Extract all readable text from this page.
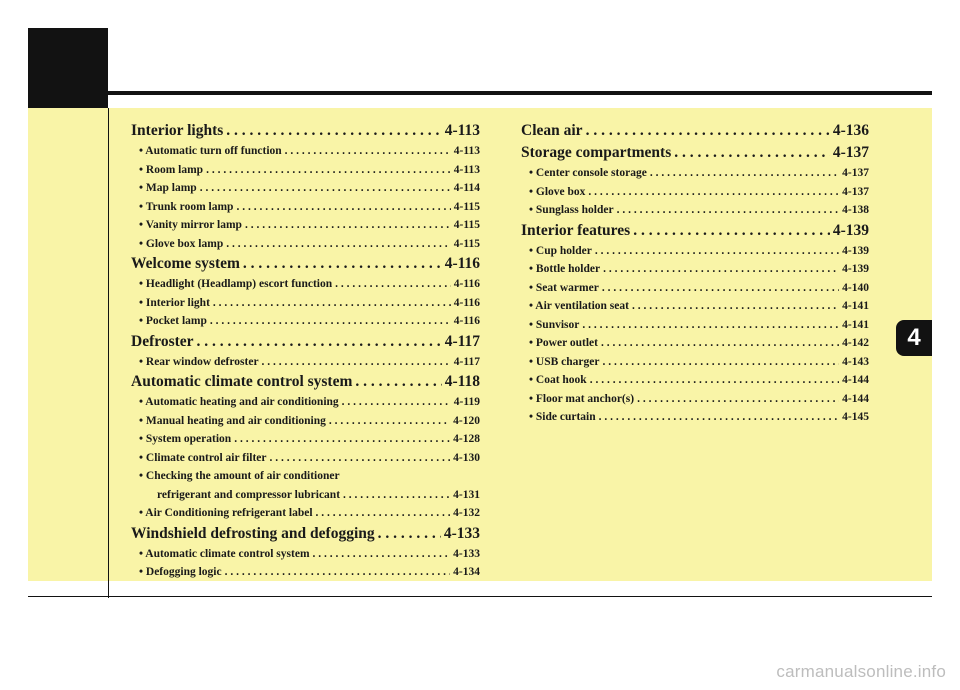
4
Interior lights . . .	4-113
• Automatic turn off function . . .	4-113
• Room lamp . . .	4-113
• Map lamp . . .	4-114
• Trunk room lamp . . .	4-115
• Vanity mirror lamp . . .	4-115
• Glove box lamp . . .	4-115
Welcome system . . .	4-116
• Headlight (Headlamp) escort function . . .	4-116
• Interior light . . .	4-116
• Pocket lamp . . .	4-116
Defroster . . .	4-117
• Rear window defroster . . .	4-117
Automatic climate control system . . .	4-118
• Automatic heating and air conditioning . . .	4-119
• Manual heating and air conditioning . . .	4-120
• System operation . . .	4-128
• Climate control air filter . . .	4-130
• Checking the amount of air conditioner
refrigerant and compressor lubricant . . .	4-131
• Air Conditioning refrigerant label . . .	4-132
Windshield defrosting and defogging . . .	4-133
• Automatic climate control system . . .	4-133
• Defogging logic . . .	4-134
Clean air . . .	4-136
Storage compartments . . .	4-137
• Center console storage . . .	4-137
• Glove box . . .	4-137
• Sunglass holder . . .	4-138
Interior features . . .	4-139
• Cup holder . . .	4-139
• Bottle holder . . .	4-139
• Seat warmer . . .	4-140
• Air ventilation seat . . .	4-141
• Sunvisor . . .	4-141
• Power outlet . . .	4-142
• USB charger . . .	4-143
• Coat hook . . .	4-144
• Floor mat anchor(s) . . .	4-144
• Side curtain . . .	4-145
carmanualsonline.info
